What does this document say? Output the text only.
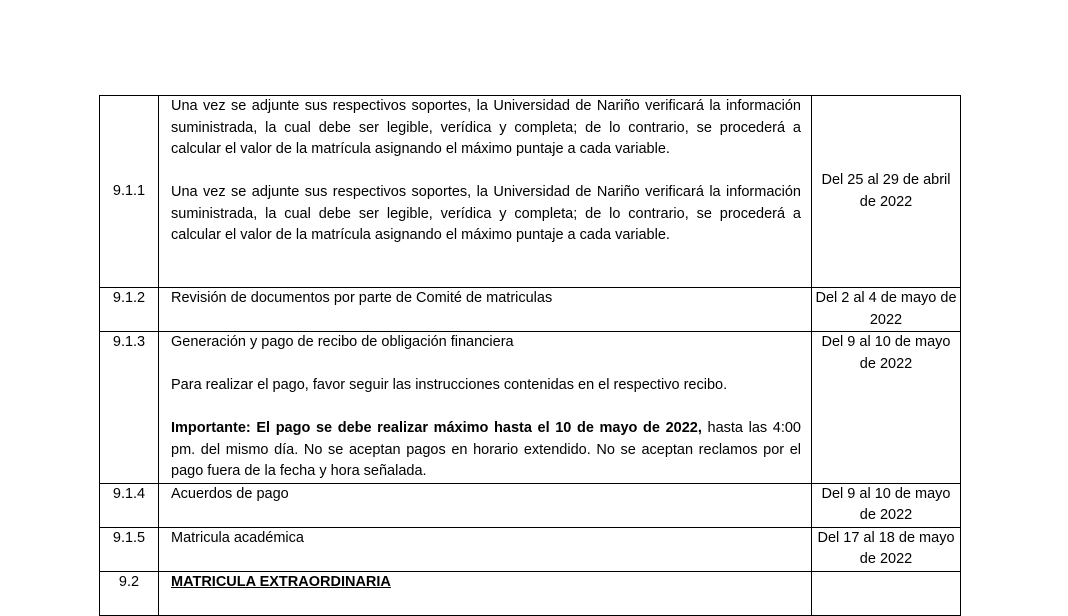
9.1.1	Una vez se adjunte sus respectivos soportes, la Universidad de Nariño verificará la información suministrada, la cual debe ser legible, verídica y completa; de lo contrario, se procederá a calcular el valor de la matrícula asignando el máximo puntaje a cada variable.

Una vez se adjunte sus respectivos soportes, la Universidad de Nariño verificará la información suministrada, la cual debe ser legible, verídica y completa; de lo contrario, se procederá a calcular el valor de la matrícula asignando el máximo puntaje a cada variable.	Del 25 al 29 de abril de 2022
9.1.2	Revisión de documentos por parte de Comité de matriculas	Del 2 al 4 de mayo de 2022
9.1.3	Generación y pago de recibo de obligación financiera

Para realizar el pago, favor seguir las instrucciones contenidas en el respectivo recibo.

Importante: El pago se debe realizar máximo hasta el 10 de mayo de 2022, hasta las 4:00 pm. del mismo día. No se aceptan pagos en horario extendido. No se aceptan reclamos por el pago fuera de la fecha y hora señalada.	Del 9 al 10 de mayo de 2022
9.1.4	Acuerdos de pago	Del 9 al 10 de mayo de 2022
9.1.5	Matricula académica	Del 17 al 18 de mayo de 2022
9.2	MATRICULA EXTRAORDINARIA	
